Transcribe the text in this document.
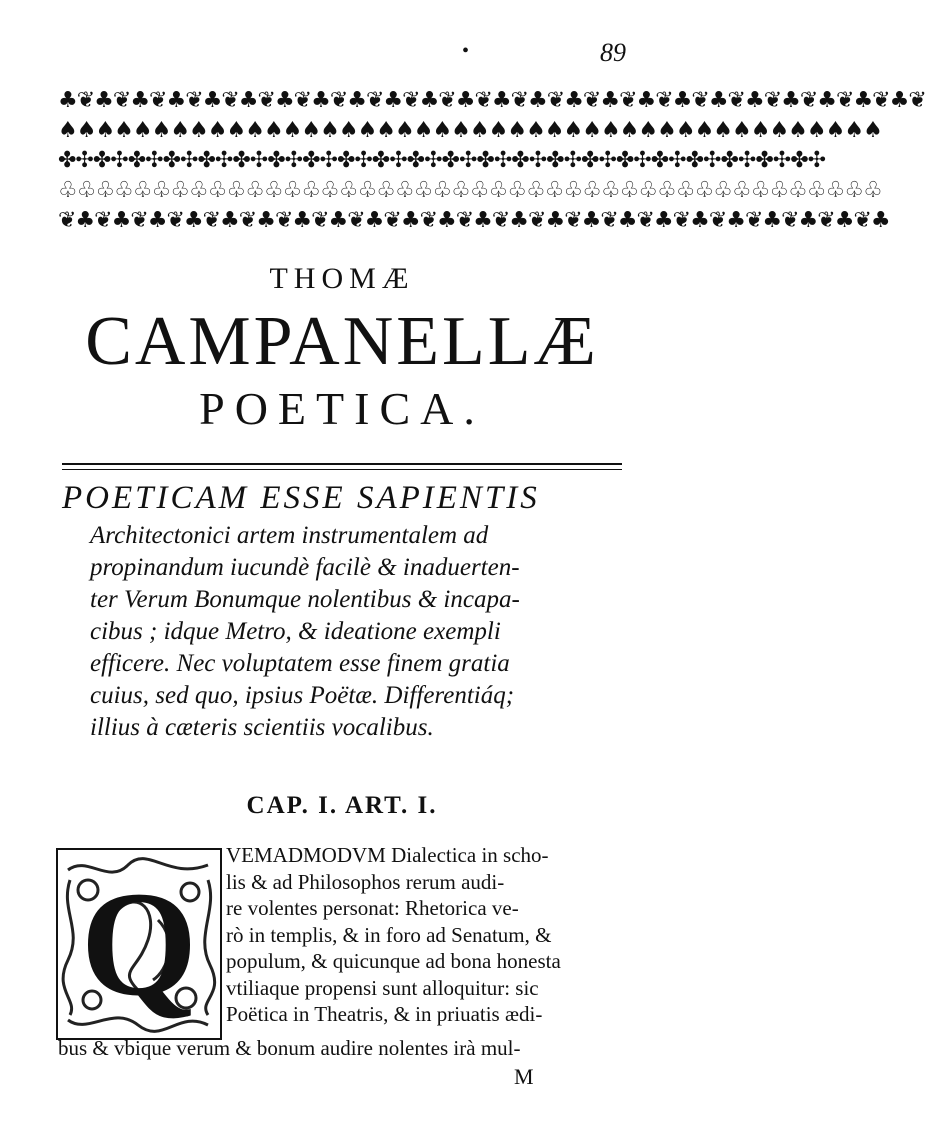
•	89
♣❦♣❦♣❦♣❦♣❦♣❦♣❦♣❦♣❦♣❦♣❦♣❦♣❦♣❦♣❦♣❦♣❦♣❦♣❦♣❦♣❦♣❦♣❦♣❦
♠♠♠♠♠♠♠♠♠♠♠♠♠♠♠♠♠♠♠♠♠♠♠♠♠♠♠♠♠♠♠♠♠♠♠♠♠♠♠♠♠♠♠♠
✤✣✤✣✤✣✤✣✤✣✤✣✤✣✤✣✤✣✤✣✤✣✤✣✤✣✤✣✤✣✤✣✤✣✤✣✤✣✤✣✤✣✤✣
♧♧♧♧♧♧♧♧♧♧♧♧♧♧♧♧♧♧♧♧♧♧♧♧♧♧♧♧♧♧♧♧♧♧♧♧♧♧♧♧♧♧♧♧
❦♣❦♣❦♣❦♣❦♣❦♣❦♣❦♣❦♣❦♣❦♣❦♣❦♣❦♣❦♣❦♣❦♣❦♣❦♣❦♣❦♣❦♣❦♣
THOMÆ
CAMPANELLÆ
POETICA.
POETICAM ESSE SAPIENTIS
Architectonici artem instrumentalem ad
propinandum iucundè facilè & inaduerten-
ter Verum Bonumque nolentibus & incapa-
cibus ; idque Metro, & ideatione exempli
efficere. Nec voluptatem esse finem gratia
cuius, sed quo, ipsius Poëtæ. Differentiáq;
illius à cæteris scientiis vocalibus.
CAP. I. ART. I.
Q
VEMADMODVM Dialectica in scho-
lis & ad Philosophos rerum audi-
re volentes personat: Rhetorica ve-
rò in templis, & in foro ad Senatum, &
populum, & quicunque ad bona honesta
vtiliaque propensi sunt alloquitur: sic
Poëtica in Theatris, & in priuatis ædi-
bus & vbique verum & bonum audire nolentes irà mul-
M
